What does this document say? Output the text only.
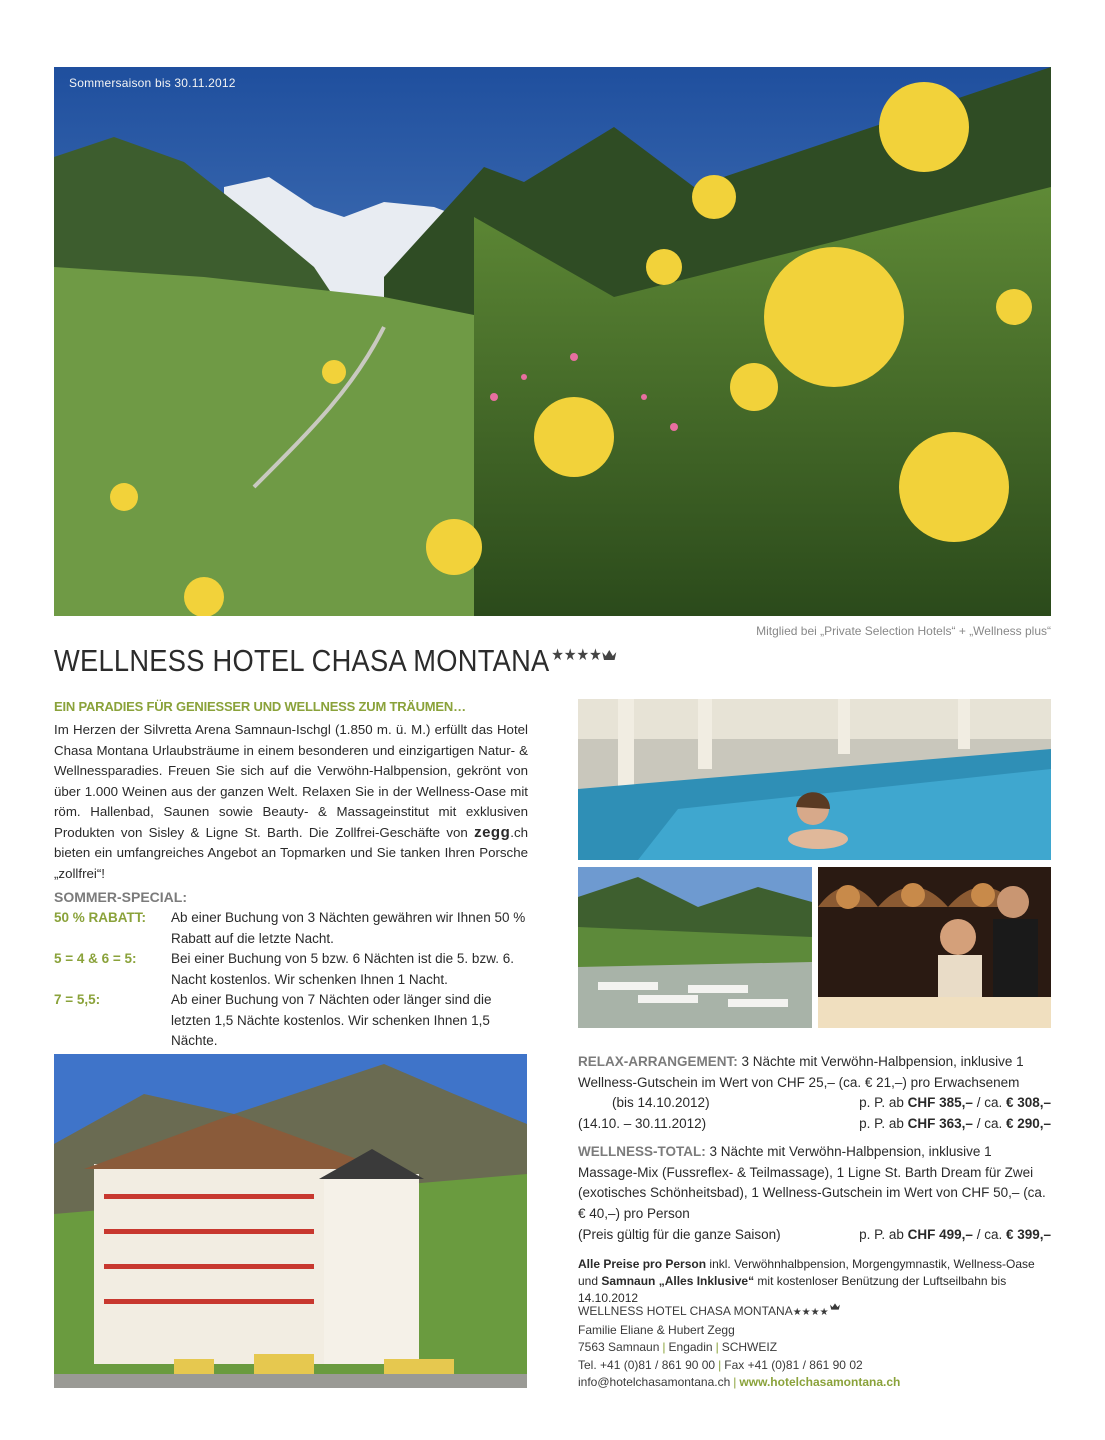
Sommersaison bis 30.11.2012
Mitglied bei „Private Selection Hotels“ + „Wellness plus“
WELLNESS HOTEL CHASA MONTANA ★★★★
EIN PARADIES FÜR GENIESSER UND WELLNESS ZUM TRÄUMEN…
Im Herzen der Silvretta Arena Samnaun-Ischgl (1.850 m. ü. M.) erfüllt das Hotel Chasa Montana Urlaubsträume in einem besonderen und einzigartigen Natur- & Wellnessparadies. Freuen Sie sich auf die Verwöhn-Halbpension, gekrönt von über 1.000 Weinen aus der ganzen Welt. Relaxen Sie in der Wellness-Oase mit röm. Hallenbad, Saunen sowie Beauty- & Massageinstitut mit exklusiven Produkten von Sisley & Ligne St. Barth. Die Zollfrei-Geschäfte von zegg.ch bieten ein umfangreiches Angebot an Topmarken und Sie tanken Ihren Porsche „zollfrei“!
SOMMER-SPECIAL:
50 % RABATT: Ab einer Buchung von 3 Nächten gewähren wir Ihnen 50 % Rabatt auf die letzte Nacht.
5 = 4 & 6 = 5:	Bei einer Buchung von 5 bzw. 6 Nächten ist die 5. bzw. 6. Nacht kostenlos. Wir schenken Ihnen 1 Nacht.
7 = 5,5:	Ab einer Buchung von 7 Nächten oder länger sind die letzten 1,5 Nächte kostenlos. Wir schenken Ihnen 1,5 Nächte.
RELAX-ARRANGEMENT: 3 Nächte mit Verwöhn-Halbpension, inklusive 1 Wellness-Gutschein im Wert von CHF 25,– (ca. € 21,–) pro Erwachsenem
(bis 14.10.2012)	p. P. ab CHF 385,– / ca. € 308,–
(14.10. – 30.11.2012)	p. P. ab CHF 363,– / ca. € 290,–
WELLNESS-TOTAL: 3 Nächte mit Verwöhn-Halbpension, inklusive 1 Massage-Mix (Fussreflex- & Teilmassage), 1 Ligne St. Barth Dream für Zwei (exotisches Schönheitsbad), 1 Wellness-Gutschein im Wert von CHF 50,– (ca. € 40,–) pro Person
(Preis gültig für die ganze Saison)	p. P. ab CHF 499,– / ca. € 399,–
Alle Preise pro Person inkl. Verwöhnhalbpension, Morgengymnastik, Wellness-Oase und Samnaun „Alles Inklusive“ mit kostenloser Benützung der Luftseilbahn bis 14.10.2012
WELLNESS HOTEL CHASA MONTANA★★★★
Familie Eliane & Hubert Zegg
7563 Samnaun | Engadin | SCHWEIZ
Tel. +41 (0)81 / 861 90 00 | Fax +41 (0)81 / 861 90 02
info@hotelchasamontana.ch | www.hotelchasamontana.ch
